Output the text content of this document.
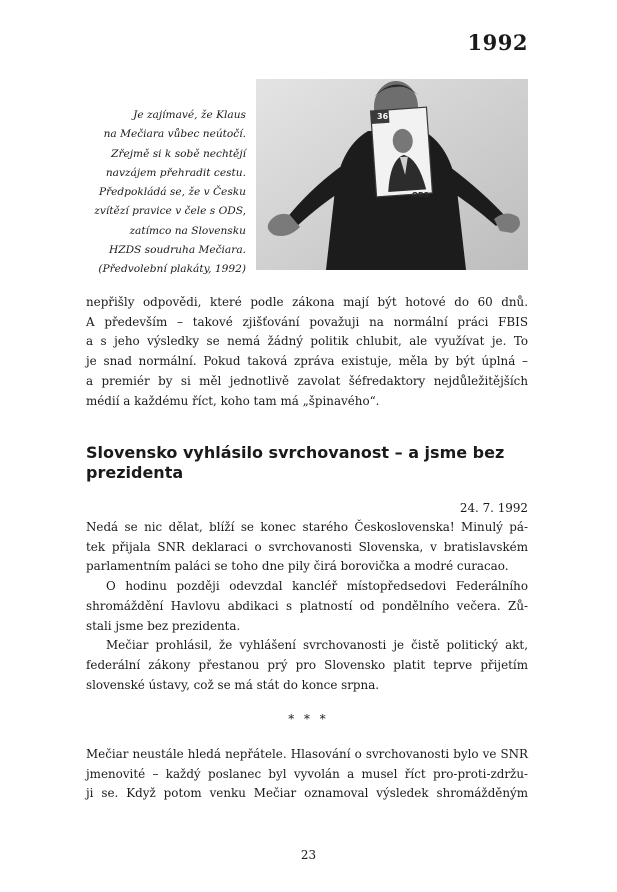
1992
Je zajímavé, že Klaus
na Mečiara vůbec neútočí.
Zřejmě si k sobě nechtějí
navzájem přehradit cestu.
Předpokládá se, že v Česku
zvítězí pravice v čele s ODS,
zatímco na Slovensku
HZDS soudruha Mečiara.
(Předvolební plakáty, 1992)
36
ODS
nepřišly odpovědi, které podle zákona mají být hotové do 60 dnů.
A především – takové zjišťování považuji na normální práci FBIS
a s jeho výsledky se nemá žádný politik chlubit, ale využívat je. To
je snad normální. Pokud taková zpráva existuje, měla by být úplná –
a premiér by si měl jednotlivě zavolat šéfredaktory nejdůležitějších
médií a každému říct, koho tam má „špinavého“.
Slovensko vyhlásilo svrchovanost – a jsme bez
prezidenta
24. 7. 1992
Nedá se nic dělat, blíží se konec starého Československa! Minulý pá-
tek přijala SNR deklaraci o svrchovanosti Slovenska, v bratislavském
parlamentním paláci se toho dne pily čirá borovička a modré curacao.
O hodinu později odevzdal kancléř místopředsedovi Federálního
shromáždění Havlovu abdikaci s platností od pondělního večera. Zů-
stali jsme bez prezidenta.
Mečiar prohlásil, že vyhlášení svrchovanosti je čistě politický akt,
federální zákony přestanou prý pro Slovensko platit teprve přijetím
slovenské ústavy, což se má stát do konce srpna.
* * *
Mečiar neustále hledá nepřátele. Hlasování o svrchovanosti bylo ve SNR
jmenovité – každý poslanec byl vyvolán a musel říct pro-proti-zdržu-
ji se. Když potom venku Mečiar oznamoval výsledek shromážděným
23
